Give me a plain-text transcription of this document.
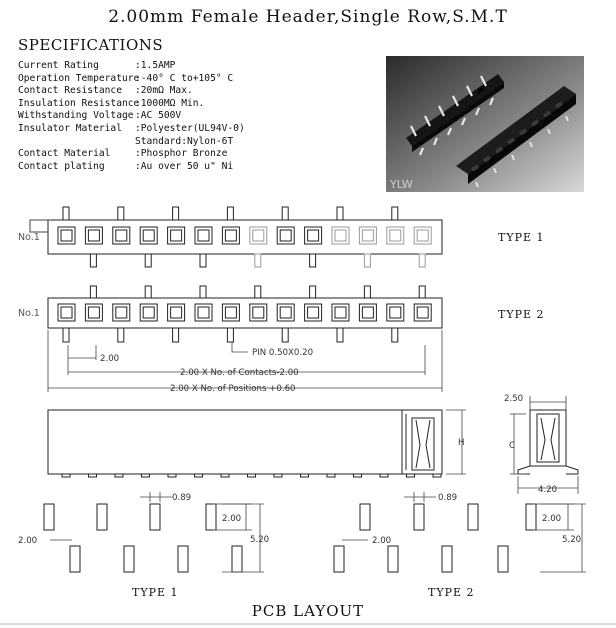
2.00mm Female Header,Single Row,S.M.T
SPECIFICATIONS
Current Rating	:1.5AMP
Operation Temperature
:-40° C to+105° C
Contact Resistance	:20mΩ Max.
Insulation Resistance
:1000MΩ Min.
Withstanding Voltage :AC 500V
Insulator Material	:Polyester(UL94V-0)
Standard:Nylon-6T
Contact Material	:Phosphor Bronze
Contact plating	:Au over 50 u" Ni
YLW
No.1
No.1
TYPE 1
TYPE 2
2.00
PIN 0.50X0.20
2.00 X No. of Contacts-2.00
2.00 X No. of Positions +0.60
2.50
H	C
4.20
0.89
2.00
2.00
5.20
0.89
2.00
2.00
5.20
TYPE 1	TYPE 2
PCB LAYOUT
